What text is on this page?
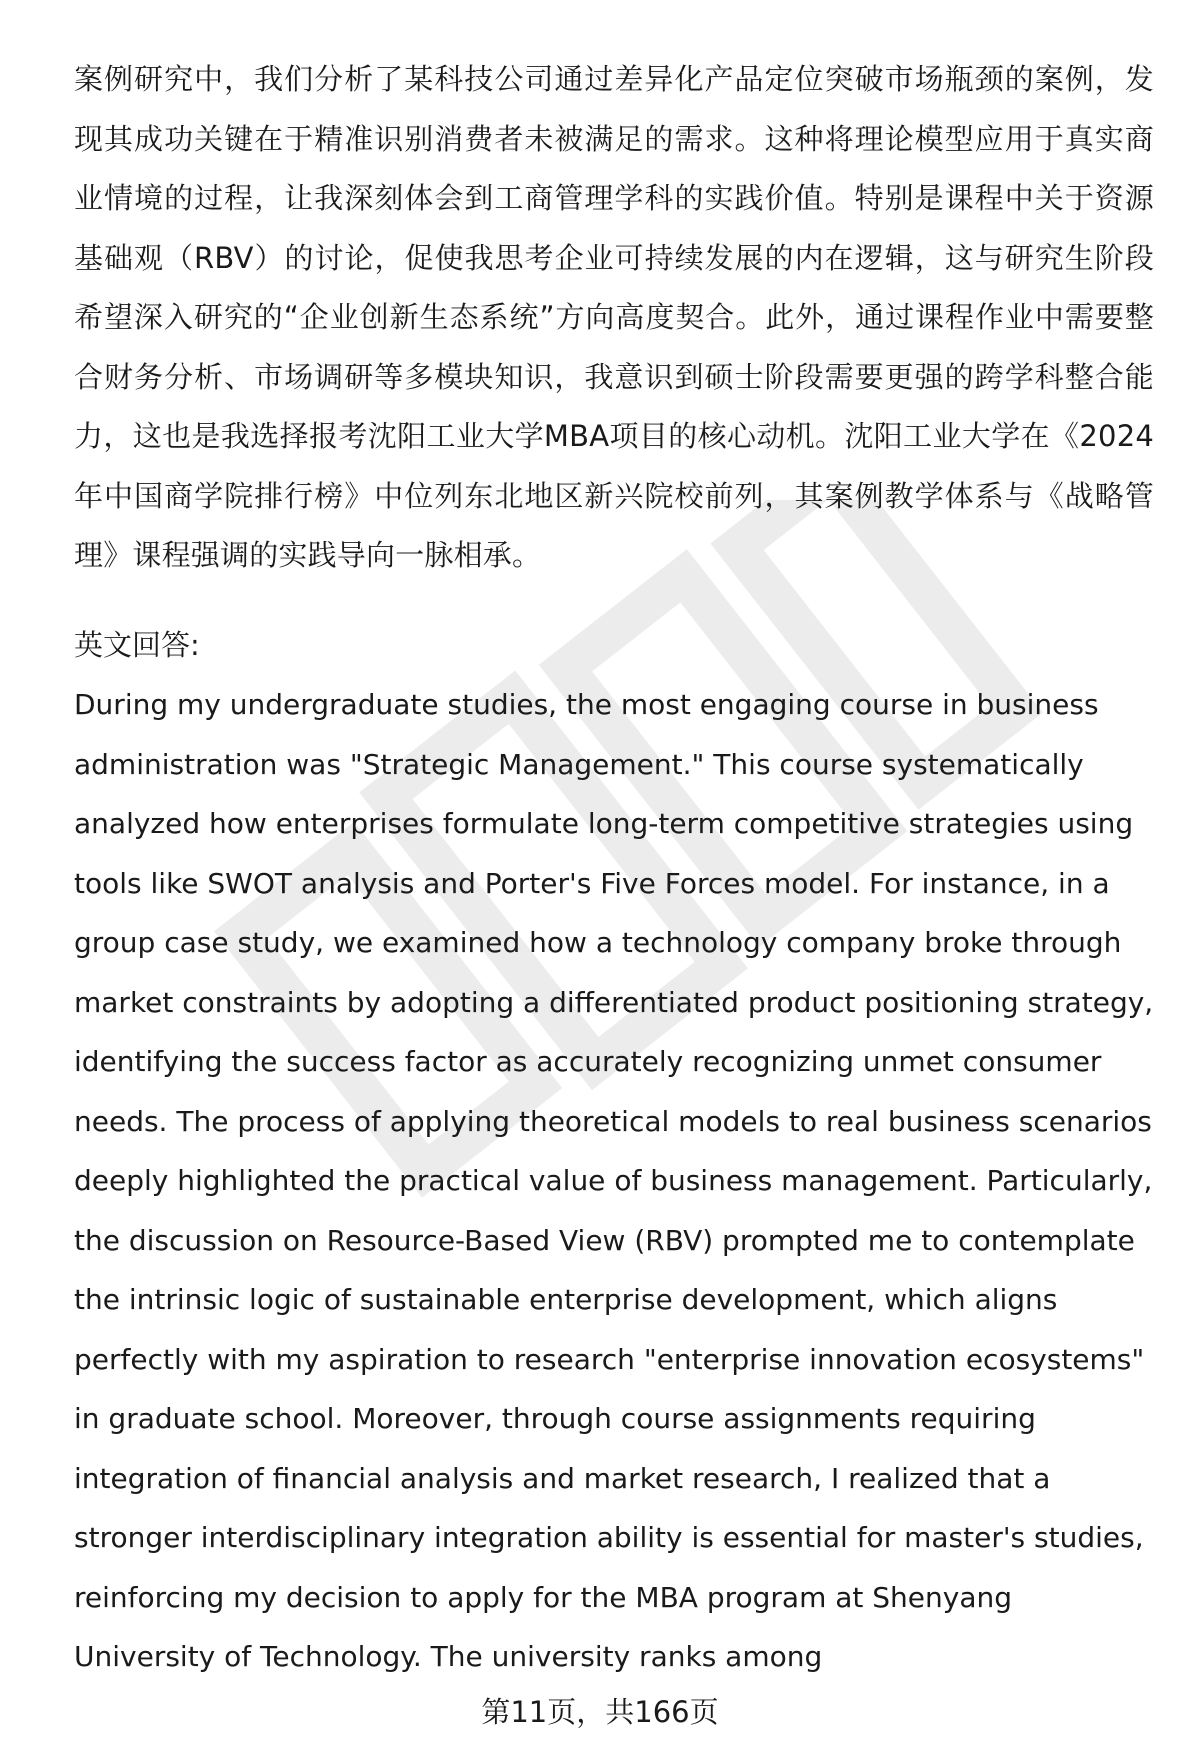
案例研究中，我们分析了某科技公司通过差异化产品定位突破市场瓶颈的案例，发现其成功关键在于精准识别消费者未被满足的需求。这种将理论模型应用于真实商业情境的过程，让我深刻体会到工商管理学科的实践价值。特别是课程中关于资源基础观（RBV）的讨论，促使我思考企业可持续发展的内在逻辑，这与研究生阶段希望深入研究的“企业创新生态系统”方向高度契合。此外，通过课程作业中需要整合财务分析、市场调研等多模块知识，我意识到硕士阶段需要更强的跨学科整合能力，这也是我选择报考沈阳工业大学MBA项目的核心动机。沈阳工业大学在《2024年中国商学院排行榜》中位列东北地区新兴院校前列，其案例教学体系与《战略管理》课程强调的实践导向一脉相承。

英文回答:

During my undergraduate studies, the most engaging course in business administration was "Strategic Management." This course systematically analyzed how enterprises formulate long-term competitive strategies using tools like SWOT analysis and Porter's Five Forces model. For instance, in a group case study, we examined how a technology company broke through market constraints by adopting a differentiated product positioning strategy, identifying the success factor as accurately recognizing unmet consumer needs. The process of applying theoretical models to real business scenarios deeply highlighted the practical value of business management. Particularly, the discussion on Resource-Based View (RBV) prompted me to contemplate the intrinsic logic of sustainable enterprise development, which aligns perfectly with my aspiration to research "enterprise innovation ecosystems" in graduate school. Moreover, through course assignments requiring integration of financial analysis and market research, I realized that a stronger interdisciplinary integration ability is essential for master's studies, reinforcing my decision to apply for the MBA program at Shenyang University of Technology. The university ranks among

第11页，共166页
